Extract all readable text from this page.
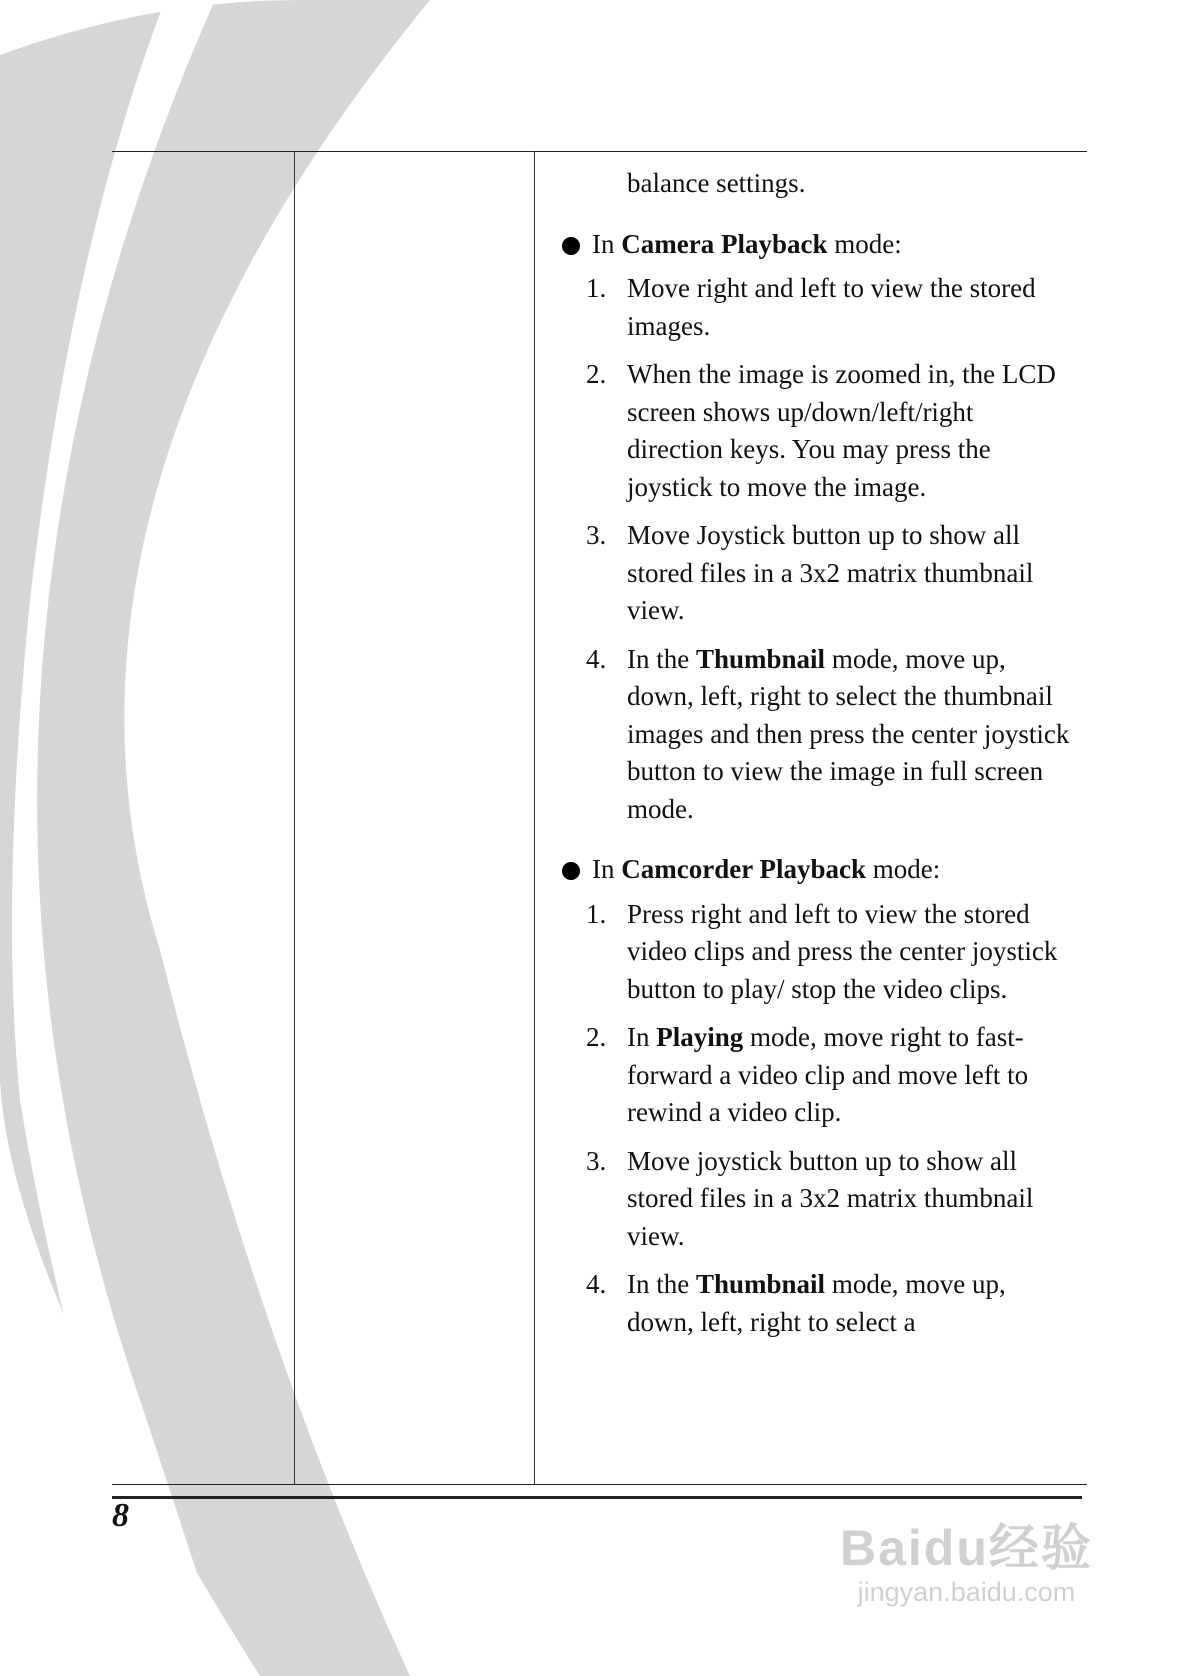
balance settings.
In Camera Playback mode:
1. Move right and left to view the stored images.
2. When the image is zoomed in, the LCD screen shows up/down/left/right direction keys. You may press the joystick to move the image.
3. Move Joystick button up to show all stored files in a 3x2 matrix thumbnail view.
4. In the Thumbnail mode, move up, down, left, right to select the thumbnail images and then press the center joystick button to view the image in full screen mode.
In Camcorder Playback mode:
1. Press right and left to view the stored video clips and press the center joystick button to play/ stop the video clips.
2. In Playing mode, move right to fast-forward a video clip and move left to rewind a video clip.
3. Move joystick button up to show all stored files in a 3x2 matrix thumbnail view.
4. In the Thumbnail mode, move up, down, left, right to select a
8
Baidu经验
jingyan.baidu.com
